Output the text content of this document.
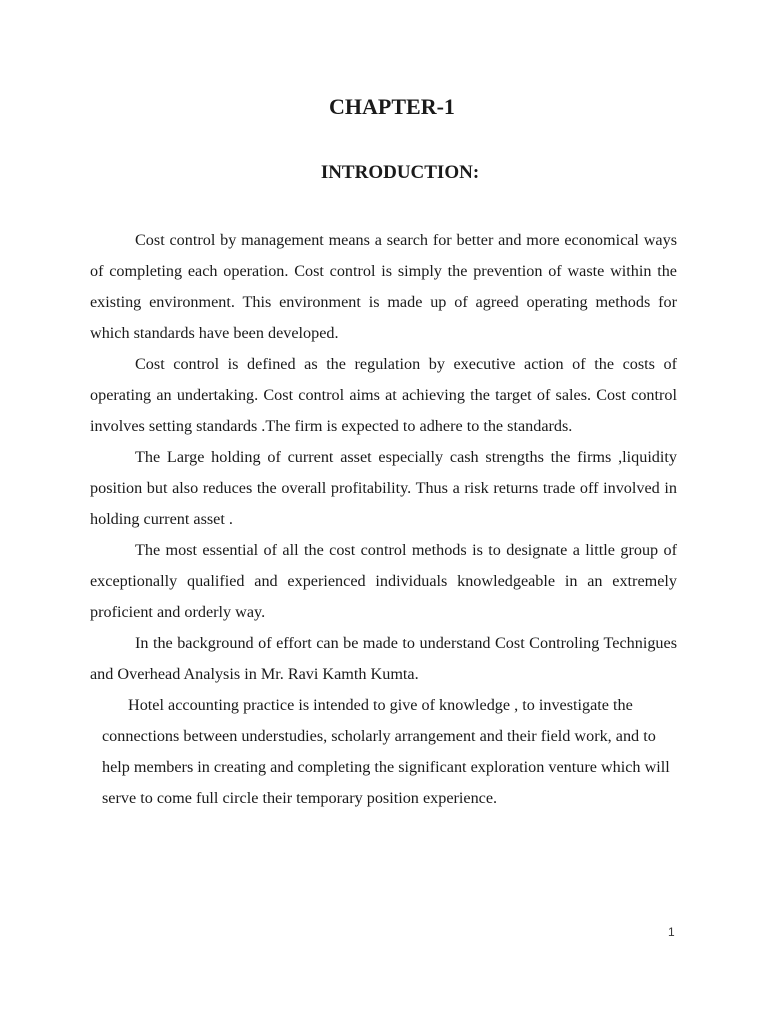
CHAPTER-1
INTRODUCTION:

Cost control by management means a search for better and more economical ways of completing each operation. Cost control is simply the prevention of waste within the existing environment. This environment is made up of agreed operating methods for which standards have been developed.

Cost control is defined as the regulation by executive action of the costs of operating an undertaking. Cost control aims at achieving the target of sales. Cost control involves setting standards .The firm is expected to adhere to the standards.

The Large holding of current asset especially cash strengths the firms ,liquidity position but also reduces the overall profitability. Thus a risk returns trade off involved in holding current asset .

The most essential of all the cost control methods is to designate a little group of exceptionally qualified and experienced individuals knowledgeable in an extremely proficient and orderly way.

In the background of effort can be made to understand Cost Controling Technigues and Overhead Analysis in Mr. Ravi Kamth Kumta.

Hotel accounting practice is intended to give of knowledge , to investigate the
connections between understudies, scholarly arrangement and their field work, and to help members in creating and completing the significant exploration venture which will serve to come full circle their temporary position experience.

1
